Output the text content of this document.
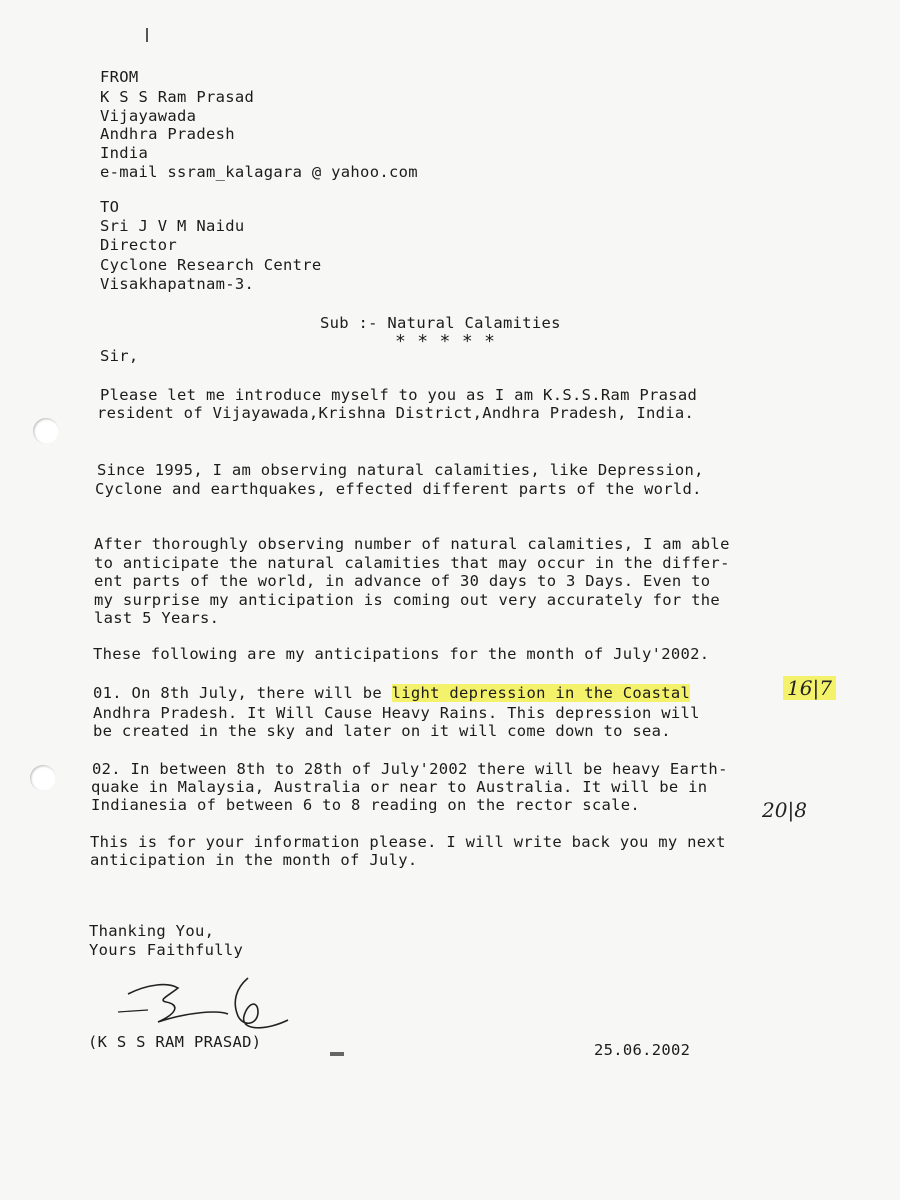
FROM
K S S Ram Prasad
Vijayawada
Andhra Pradesh
India
e-mail ssram_kalagara @ yahoo.com
TO
Sri J V M Naidu
Director
Cyclone Research Centre
Visakhapatnam-3.
Sub :- Natural Calamities
* * * * *
Sir,
Please let me introduce myself to you as I am K.S.S.Ram Prasad
resident of Vijayawada,Krishna District,Andhra Pradesh, India.
Since 1995, I am observing natural calamities, like Depression,
Cyclone and earthquakes, effected different parts of the world.
After thoroughly observing number of natural calamities, I am able
to anticipate the natural calamities that may occur in the differ-
ent parts of the world, in advance of 30 days to 3 Days. Even to
my surprise my anticipation is coming out very accurately for the
last 5 Years.
These following are my anticipations for the month of July'2002.
01. On 8th July, there will be light depression in the Coastal	16|7
Andhra Pradesh. It Will Cause Heavy Rains. This depression will
be created in the sky and later on it will come down to sea.
02. In between 8th to 28th of July'2002 there will be heavy Earth-
quake in Malaysia, Australia or near to Australia. It will be in
Indianesia of between 6 to 8 reading on the rector scale.	20|8
This is for your information please. I will write back you my next
anticipation in the month of July.
Thanking You,
Yours Faithfully
(K S S RAM PRASAD)	25.06.2002
